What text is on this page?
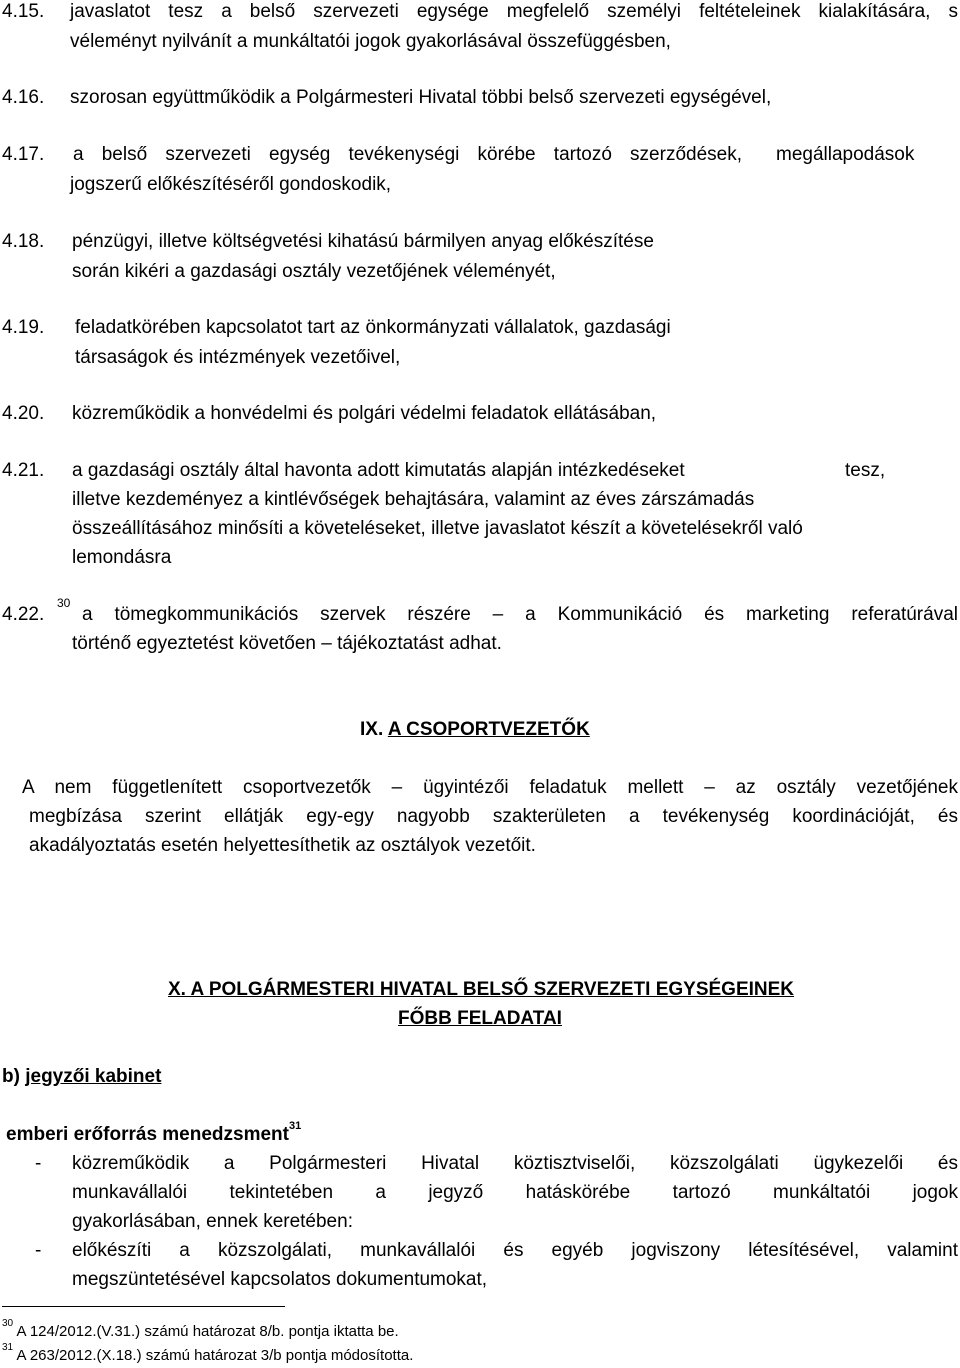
4.15. javaslatot tesz a belső szervezeti egysége megfelelő személyi feltételeinek kialakítására, s
véleményt nyilvánít a munkáltatói jogok gyakorlásával összefüggésben,
4.16. szorosan együttműködik a Polgármesteri Hivatal többi belső szervezeti egységével,
4.17. a belső szervezeti egység tevékenységi körébe tartozó szerződések, megállapodások
jogszerű előkészítéséről gondoskodik,
4.18. pénzügyi, illetve költségvetési kihatású bármilyen anyag előkészítése
során kikéri a gazdasági osztály vezetőjének véleményét,
4.19. feladatkörében kapcsolatot tart az önkormányzati vállalatok, gazdasági
társaságok és intézmények vezetőivel,
4.20. közreműködik a honvédelmi és polgári védelmi feladatok ellátásában,
4.21. a gazdasági osztály által havonta adott kimutatás alapján intézkedéseket	tesz,
illetve kezdeményez a kintlévőségek behajtására, valamint az éves zárszámadás
összeállításához minősíti a követeléseket, illetve javaslatot készít a követelésekről való
lemondásra
4.22.
30
a tömegkommunikációs szervek részére – a Kommunikáció és marketing referatúrával
történő egyeztetést követően – tájékoztatást adhat.
IX. A CSOPORTVEZETŐK
A nem függetlenített csoportvezetők – ügyintézői feladatuk mellett – az osztály vezetőjének
megbízása szerint ellátják egy-egy nagyobb szakterületen a tevékenység koordinációját, és
akadályoztatás esetén helyettesíthetik az osztályok vezetőit.
X. A POLGÁRMESTERI HIVATAL BELSŐ SZERVEZETI EGYSÉGEINEK
FŐBB FELADATAI
b) jegyzői kabinet
emberi erőforrás menedzsment$^{31}$
- közreműködik a Polgármesteri Hivatal köztisztviselői, közszolgálati ügykezelői és
munkavállalói tekintetében a jegyző hatáskörébe tartozó munkáltatói jogok
gyakorlásában, ennek keretében:
- előkészíti a közszolgálati, munkavállalói és egyéb jogviszony létesítésével, valamint
megszüntetésével kapcsolatos dokumentumokat,
$^{30}$ A 124/2012.(V.31.) számú határozat 8/b. pontja iktatta be.
$^{31}$ A 263/2012.(X.18.) számú határozat 3/b pontja módosította.
